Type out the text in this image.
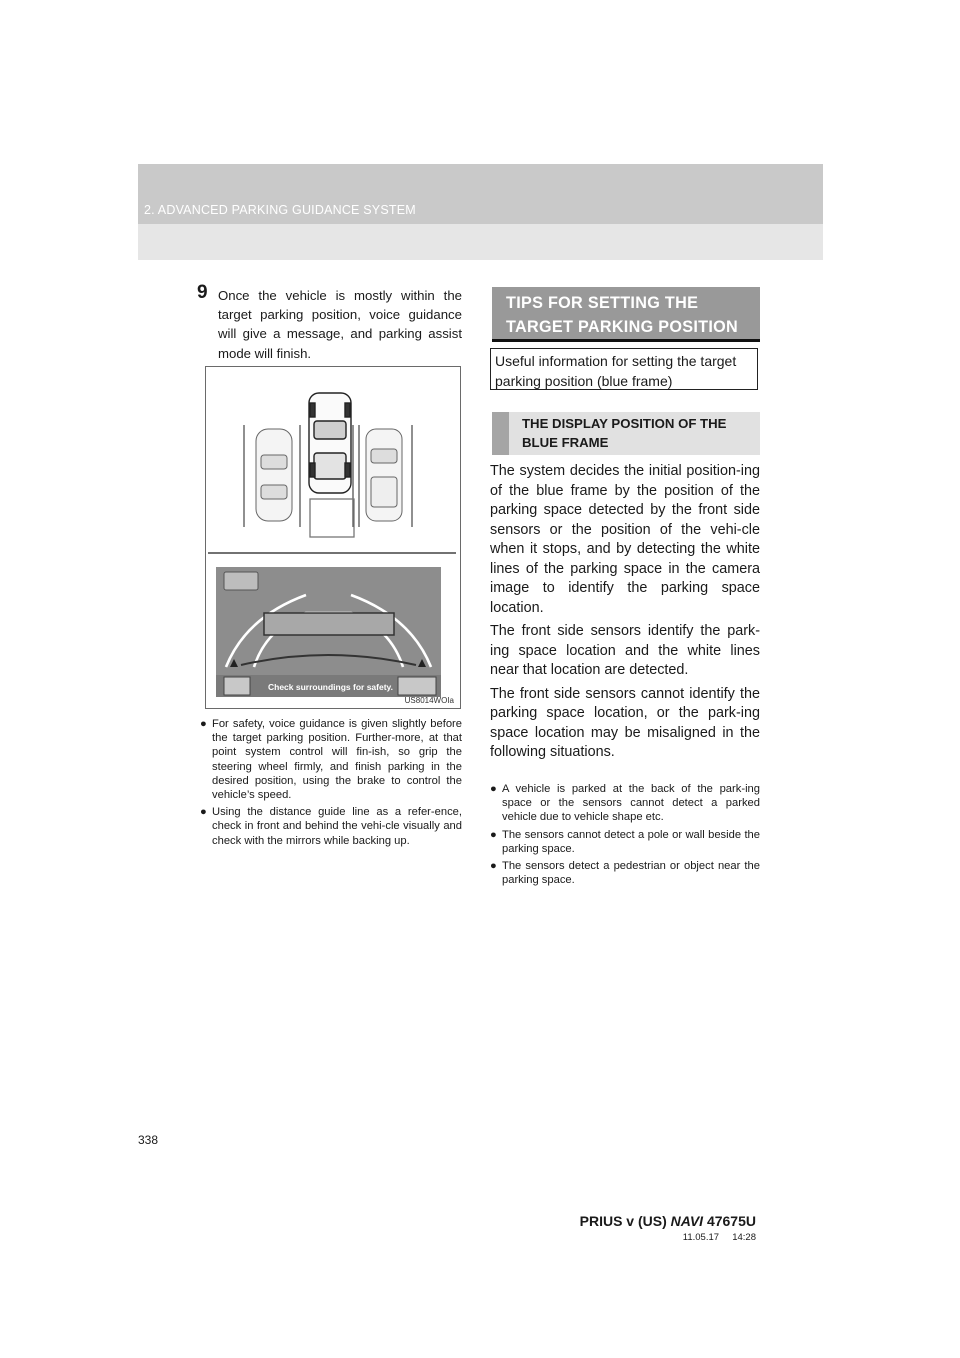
2. ADVANCED PARKING GUIDANCE SYSTEM
9 Once the vehicle is mostly within the target parking position, voice guidance will give a message, and parking assist mode will finish.
Check surroundings for safety.
US8014WOIa
● For safety, voice guidance is given slightly before the target parking position. Further-more, at that point system control will fin-ish, so grip the steering wheel firmly, and finish parking in the desired position, using the brake to control the vehicle’s speed.
● Using the distance guide line as a refer-ence, check in front and behind the vehi-cle visually and check with the mirrors while backing up.
TIPS FOR SETTING THE TARGET PARKING POSITION
Useful information for setting the target parking position (blue frame)
THE DISPLAY POSITION OF THE BLUE FRAME

The system decides the initial position-ing of the blue frame by the position of the parking space detected by the front side sensors or the position of the vehi-cle when it stops, and by detecting the white lines of the parking space in the camera image to identify the parking space location.

The front side sensors identify the park-ing space location and the white lines near that location are detected.

The front side sensors cannot identify the parking space location, or the park-ing space location may be misaligned in the following situations.

● A vehicle is parked at the back of the park-ing space or the sensors cannot detect a parked vehicle due to vehicle shape etc.
● The sensors cannot detect a pole or wall beside the parking space.
● The sensors detect a pedestrian or object near the parking space.
338
PRIUS v (US) NAVI 47675U
11.05.17     14:28
